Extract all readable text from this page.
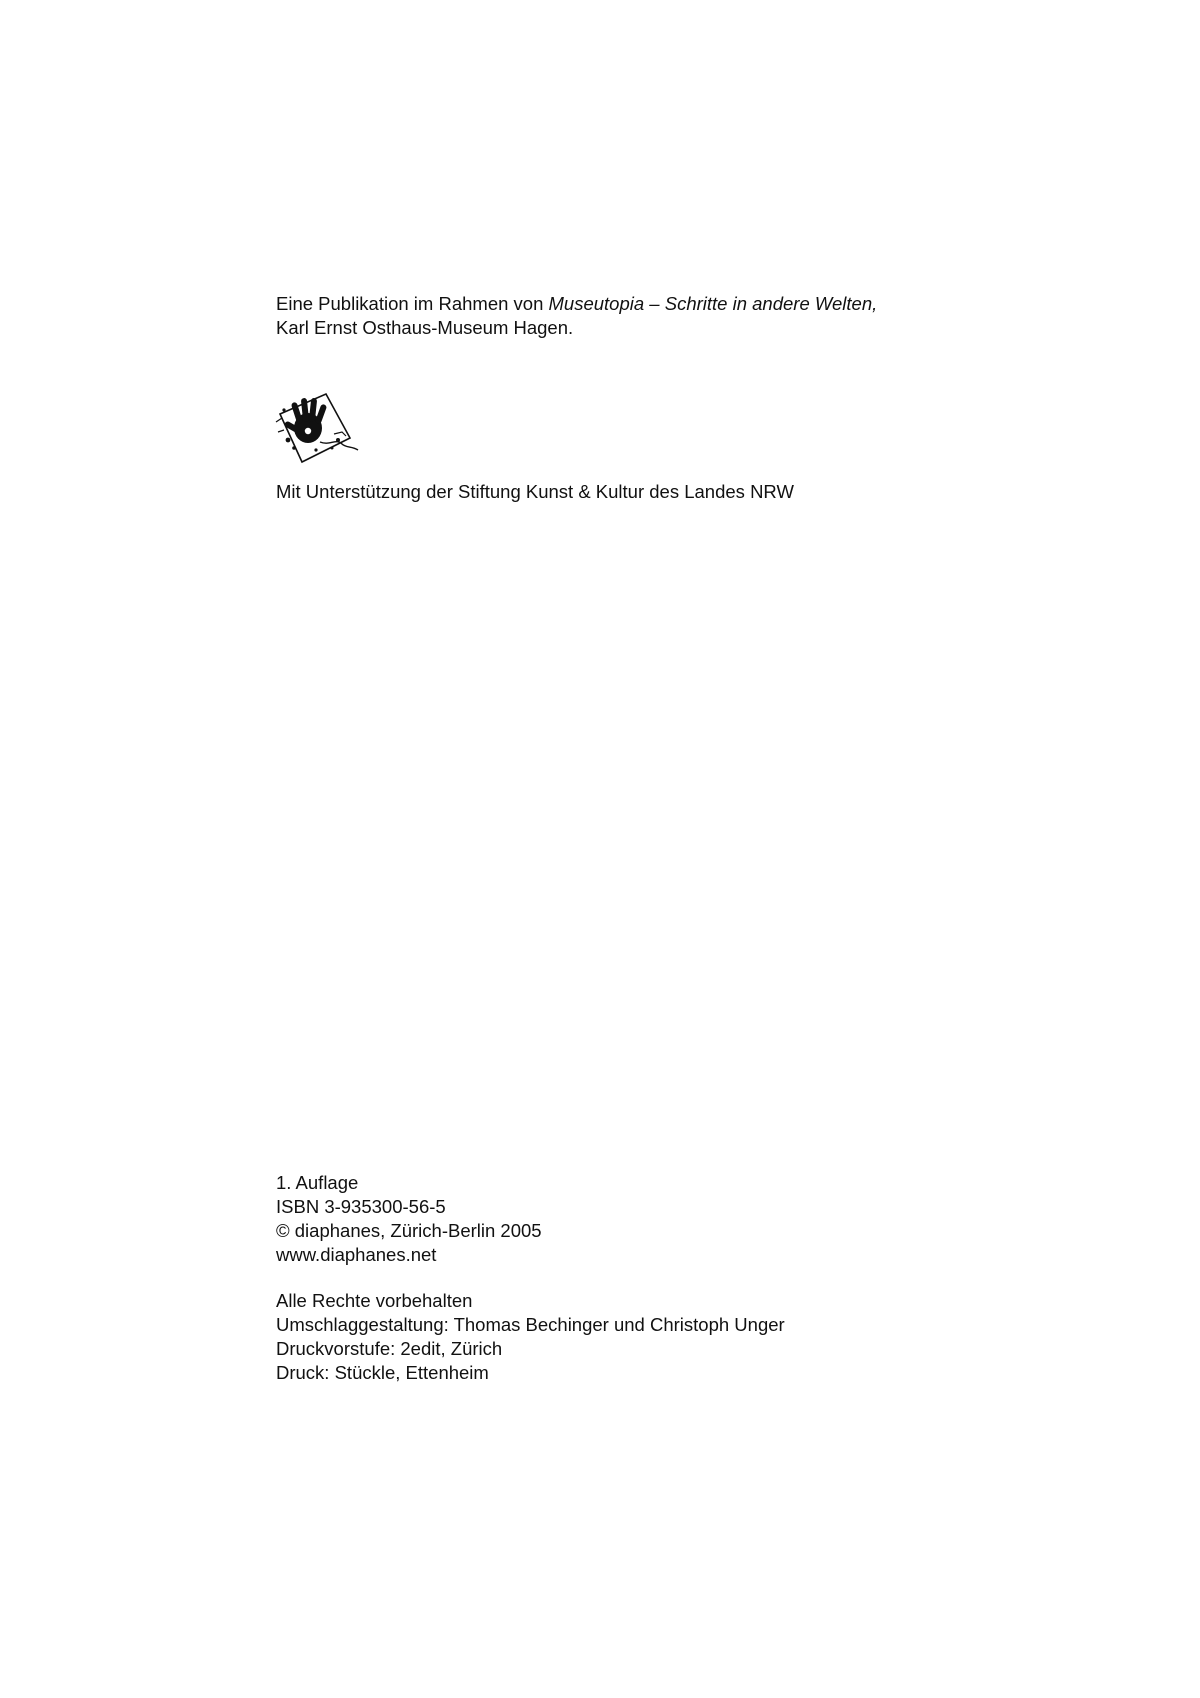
Eine Publikation im Rahmen von Museutopia – Schritte in andere Welten,
Karl Ernst Osthaus-Museum Hagen.
Mit Unterstützung der Stiftung Kunst & Kultur des Landes NRW
1. Auflage
ISBN 3-935300-56-5
© diaphanes, Zürich-Berlin 2005
www.diaphanes.net
Alle Rechte vorbehalten
Umschlaggestaltung: Thomas Bechinger und Christoph Unger
Druckvorstufe: 2edit, Zürich
Druck: Stückle, Ettenheim
